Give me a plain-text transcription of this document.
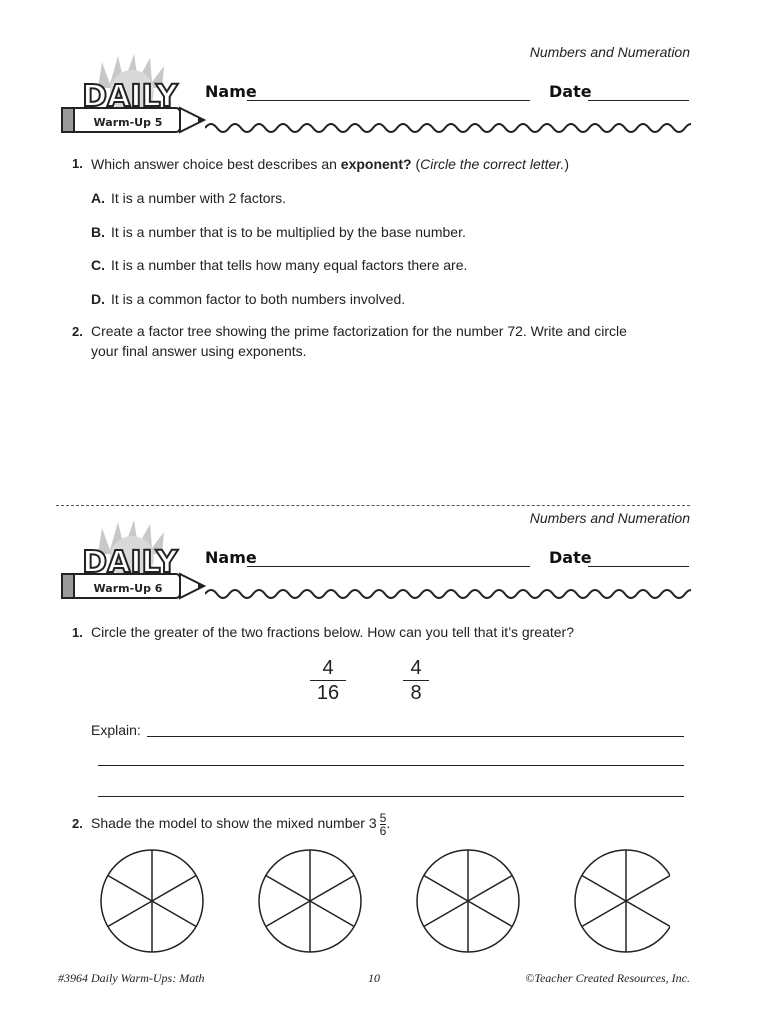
Numbers and Numeration
DAILY
Warm-Up 5
Name	Date
1. Which answer choice best describes an exponent? (Circle the correct letter.)
A. It is a number with 2 factors.
B. It is a number that is to be multiplied by the base number.
C. It is a number that tells how many equal factors there are.
D. It is a common factor to both numbers involved.
2. Create a factor tree showing the prime factorization for the number 72. Write and circle
your final answer using exponents.
Numbers and Numeration
DAILY
Warm-Up 6
Name	Date
1. Circle the greater of the two fractions below. How can you tell that it’s greater?
4
16
4
8
Explain:
2. Shade the model to show the mixed number $3 \frac{5}{6}$ .
#3964 Daily Warm-Ups: Math	10	©Teacher Created Resources, Inc.
